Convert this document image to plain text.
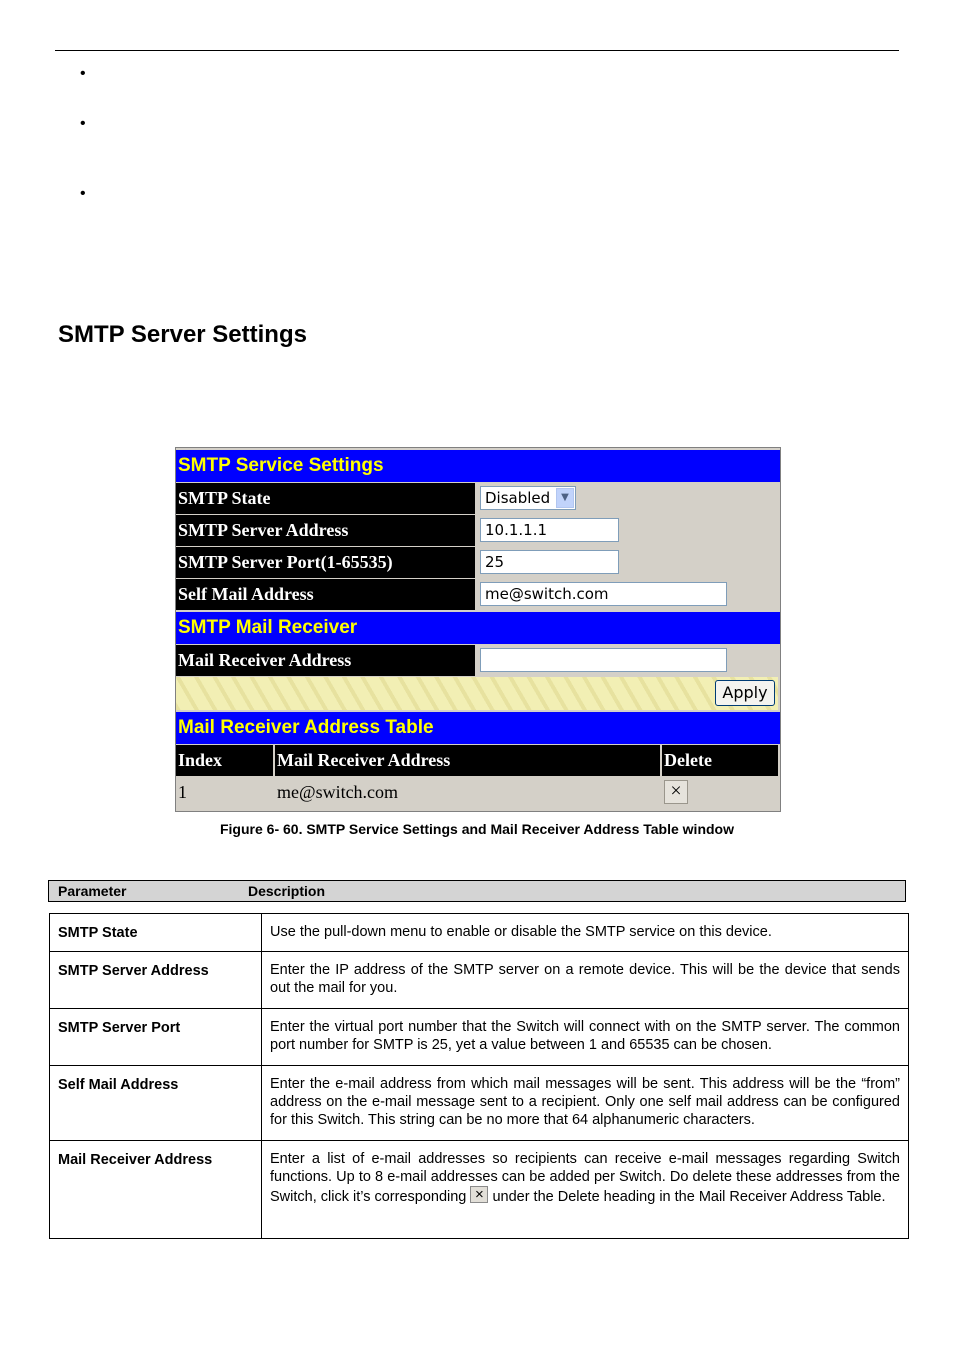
•
•
•
SMTP Server Settings
SMTP Service Settings
SMTP State	Disabled	▼
SMTP Server Address	10.1.1.1
SMTP Server Port(1-65535)	25
Self Mail Address	me@switch.com
SMTP Mail Receiver
Mail Receiver Address
Apply
Mail Receiver Address Table
Index	Mail Receiver Address	Delete
1	me@switch.com	×
Figure 6- 60. SMTP Service Settings and Mail Receiver Address Table window
Parameter	Description
SMTP State	Use the pull-down menu to enable or disable the SMTP service on this device.
SMTP Server Address	Enter the IP address of the SMTP server on a remote device. This will be the device that sends out the mail for you.
SMTP Server Port	Enter the virtual port number that the Switch will connect with on the SMTP server. The common port number for SMTP is 25, yet a value between 1 and 65535 can be chosen.
Self Mail Address	Enter the e-mail address from which mail messages will be sent. This address will be the “from” address on the e-mail message sent to a recipient. Only one self mail address can be configured for this Switch. This string can be no more that 64 alphanumeric characters.
Mail Receiver Address	Enter a list of e-mail addresses so recipients can receive e-mail messages regarding Switch functions. Up to 8 e-mail addresses can be added per Switch. Do delete these addresses from the Switch, click it’s corresponding × under the Delete heading in the Mail Receiver Address Table.
